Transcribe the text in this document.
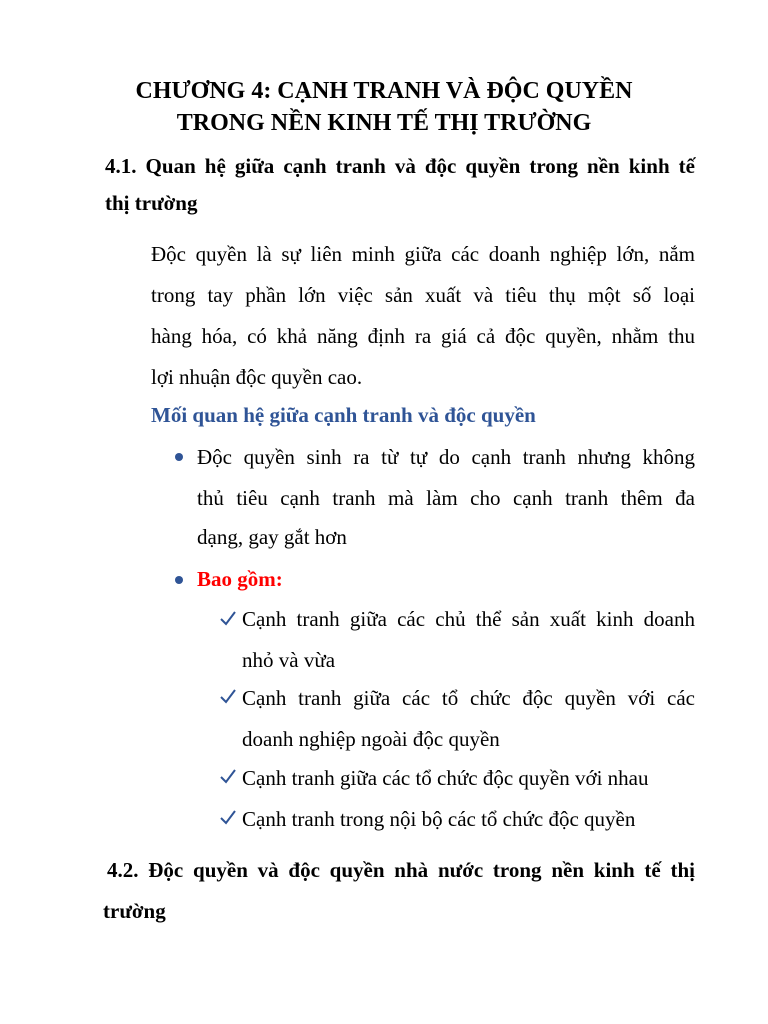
CHƯƠNG 4: CẠNH TRANH VÀ ĐỘC QUYỀN
TRONG NỀN KINH TẾ THỊ TRƯỜNG
4.1. Quan hệ giữa cạnh tranh và độc quyền trong nền kinh tế
thị trường
Độc quyền là sự liên minh giữa các doanh nghiệp lớn, nắm
trong tay phần lớn việc sản xuất và tiêu thụ một số loại
hàng hóa, có khả năng định ra giá cả độc quyền, nhằm thu
lợi nhuận độc quyền cao.
Mối quan hệ giữa cạnh tranh và độc quyền
Độc quyền sinh ra từ tự do cạnh tranh nhưng không
thủ tiêu cạnh tranh mà làm cho cạnh tranh thêm đa
dạng, gay gắt hơn
Bao gồm:
Cạnh tranh giữa các chủ thể sản xuất kinh doanh
nhỏ và vừa
Cạnh tranh giữa các tổ chức độc quyền với các
doanh nghiệp ngoài độc quyền
Cạnh tranh giữa các tổ chức độc quyền với nhau
Cạnh tranh trong nội bộ các tổ chức độc quyền
4.2. Độc quyền và độc quyền nhà nước trong nền kinh tế thị
trường
